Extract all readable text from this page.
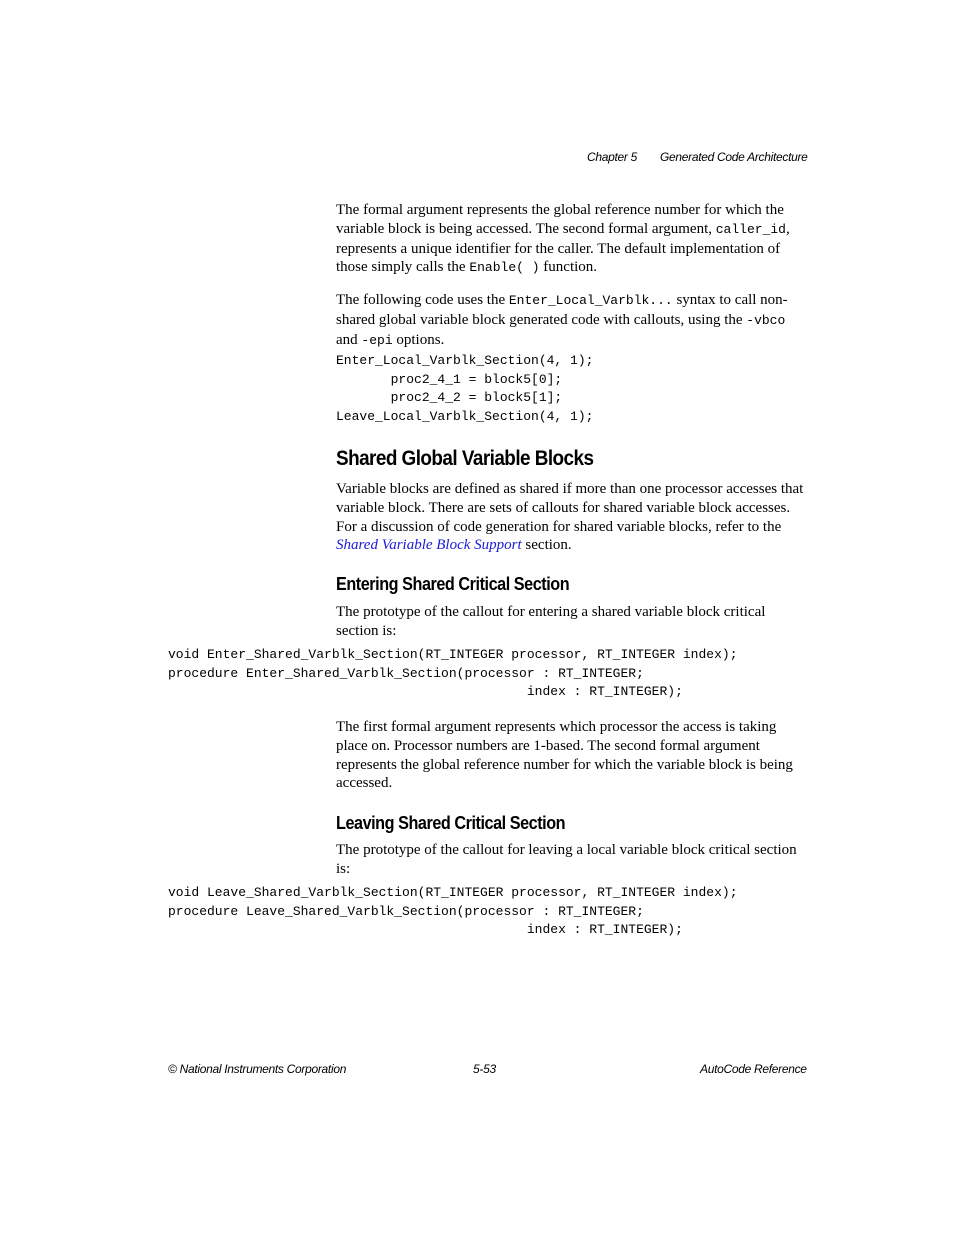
Chapter 5 Generated Code Architecture

The formal argument represents the global reference number for which the variable block is being accessed. The second formal argument, caller_id, represents a unique identifier for the caller. The default implementation of those simply calls the Enable( ) function.

The following code uses the Enter_Local_Varblk... syntax to call non-shared global variable block generated code with callouts, using the -vbco and -epi options.

Enter_Local_Varblk_Section(4, 1);
proc2_4_1 = block5[0];
proc2_4_2 = block5[1];
Leave_Local_Varblk_Section(4, 1);
Shared Global Variable Blocks

Variable blocks are defined as shared if more than one processor accesses that variable block. There are sets of callouts for shared variable block accesses. For a discussion of code generation for shared variable blocks, refer to the Shared Variable Block Support section.

Entering Shared Critical Section

The prototype of the callout for entering a shared variable block critical section is:

void Enter_Shared_Varblk_Section(RT_INTEGER processor, RT_INTEGER index);
procedure Enter_Shared_Varblk_Section(processor : RT_INTEGER;
index : RT_INTEGER);

The first formal argument represents which processor the access is taking place on. Processor numbers are 1-based. The second formal argument represents the global reference number for which the variable block is being accessed.

Leaving Shared Critical Section

The prototype of the callout for leaving a local variable block critical section is:

void Leave_Shared_Varblk_Section(RT_INTEGER processor, RT_INTEGER index);
procedure Leave_Shared_Varblk_Section(processor : RT_INTEGER;
index : RT_INTEGER);
© National Instruments Corporation	5-53	AutoCode Reference
